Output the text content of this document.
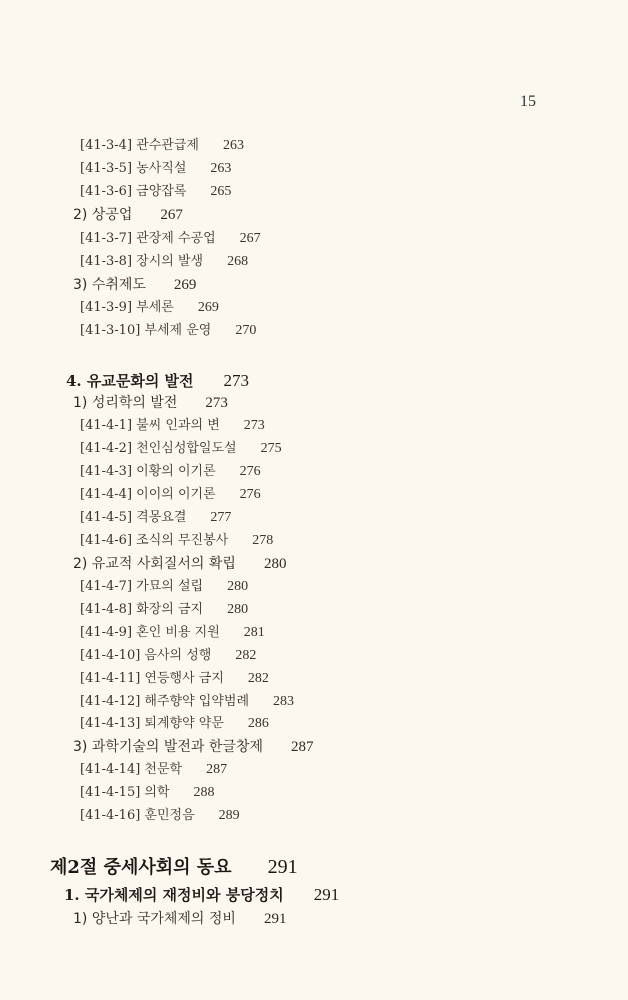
15
[41-3-4] 관수관급제 263
[41-3-5] 농사직설 263
[41-3-6] 금양잡록 265
2) 상공업 267
[41-3-7] 관장제 수공업 267
[41-3-8] 장시의 발생 268
3) 수취제도 269
[41-3-9] 부세론 269
[41-3-10] 부세제 운영 270
4. 유교문화의 발전 273
1) 성리학의 발전 273
[41-4-1] 불씨 인과의 변 273
[41-4-2] 천인심성합일도설 275
[41-4-3] 이황의 이기론 276
[41-4-4] 이이의 이기론 276
[41-4-5] 격몽요결 277
[41-4-6] 조식의 무진봉사 278
2) 유교적 사회질서의 확립 280
[41-4-7] 가묘의 설립 280
[41-4-8] 화장의 금지 280
[41-4-9] 혼인 비용 지원 281
[41-4-10] 음사의 성행 282
[41-4-11] 연등행사 금지 282
[41-4-12] 해주향약 입약범례 283
[41-4-13] 퇴계향약 약문 286
3) 과학기술의 발전과 한글창제 287
[41-4-14] 천문학 287
[41-4-15] 의학 288
[41-4-16] 훈민정음 289
제2절 중세사회의 동요 291
1. 국가체제의 재정비와 붕당정치 291
1) 양난과 국가체제의 정비 291
